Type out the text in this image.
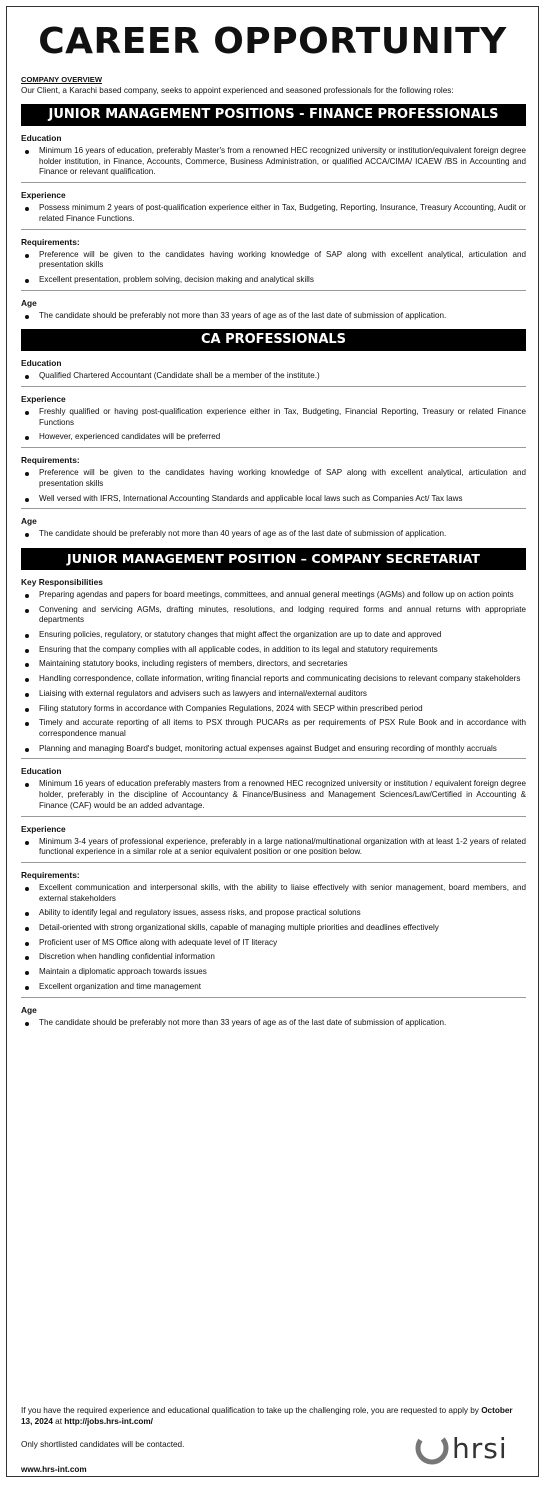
CAREER OPPORTUNITY
COMPANY OVERVIEW
Our Client, a Karachi based company, seeks to appoint experienced and seasoned professionals for the following roles:
JUNIOR MANAGEMENT POSITIONS - FINANCE PROFESSIONALS
Education
Minimum 16 years of education, preferably Master's from a renowned HEC recognized university or institution/equivalent foreign degree holder institution, in Finance, Accounts, Commerce, Business Administration, or qualified ACCA/CIMA/ ICAEW /BS in Accounting and Finance or relevant qualification.
Experience
Possess minimum 2 years of post-qualification experience either in Tax, Budgeting, Reporting, Insurance, Treasury Accounting, Audit or related Finance Functions.
Requirements:
Preference will be given to the candidates having working knowledge of SAP along with excellent analytical, articulation and presentation skills
Excellent presentation, problem solving, decision making and analytical skills
Age
The candidate should be preferably not more than 33 years of age as of the last date of submission of application.
CA PROFESSIONALS
Education
Qualified Chartered Accountant (Candidate shall be a member of the institute.)
Experience
Freshly qualified or having post-qualification experience either in Tax, Budgeting, Financial Reporting, Treasury or related Finance Functions
However, experienced candidates will be preferred
Requirements:
Preference will be given to the candidates having working knowledge of SAP along with excellent analytical, articulation and presentation skills
Well versed with IFRS, International Accounting Standards and applicable local laws such as Companies Act/ Tax laws
Age
The candidate should be preferably not more than 40 years of age as of the last date of submission of application.
JUNIOR MANAGEMENT POSITION – COMPANY SECRETARIAT
Key Responsibilities
Preparing agendas and papers for board meetings, committees, and annual general meetings (AGMs) and follow up on action points
Convening and servicing AGMs, drafting minutes, resolutions, and lodging required forms and annual returns with appropriate departments
Ensuring policies, regulatory, or statutory changes that might affect the organization are up to date and approved
Ensuring that the company complies with all applicable codes, in addition to its legal and statutory requirements
Maintaining statutory books, including registers of members, directors, and secretaries
Handling correspondence, collate information, writing financial reports and communicating decisions to relevant company stakeholders
Liaising with external regulators and advisers such as lawyers and internal/external auditors
Filing statutory forms in accordance with Companies Regulations, 2024 with SECP within prescribed period
Timely and accurate reporting of all items to PSX through PUCARs as per requirements of PSX Rule Book and in accordance with correspondence manual
Planning and managing Board's budget, monitoring actual expenses against Budget and ensuring recording of monthly accruals
Education
Minimum 16 years of education preferably masters from a renowned HEC recognized university or institution / equivalent foreign degree holder, preferably in the discipline of Accountancy & Finance/Business and Management Sciences/Law/Certified in Accounting & Finance (CAF) would be an added advantage.
Experience
Minimum 3-4 years of professional experience, preferably in a large national/multinational organization with at least 1-2 years of related functional experience in a similar role at a senior equivalent position or one position below.
Requirements:
Excellent communication and interpersonal skills, with the ability to liaise effectively with senior management, board members, and external stakeholders
Ability to identify legal and regulatory issues, assess risks, and propose practical solutions
Detail-oriented with strong organizational skills, capable of managing multiple priorities and deadlines effectively
Proficient user of MS Office along with adequate level of IT literacy
Discretion when handling confidential information
Maintain a diplomatic approach towards issues
Excellent organization and time management
Age
The candidate should be preferably not more than 33 years of age as of the last date of submission of application.
If you have the required experience and educational qualification to take up the challenging role, you are requested to apply by October 13, 2024 at http://jobs.hrs-int.com/
Only shortlisted candidates will be contacted.
www.hrs-int.com
hrsi
